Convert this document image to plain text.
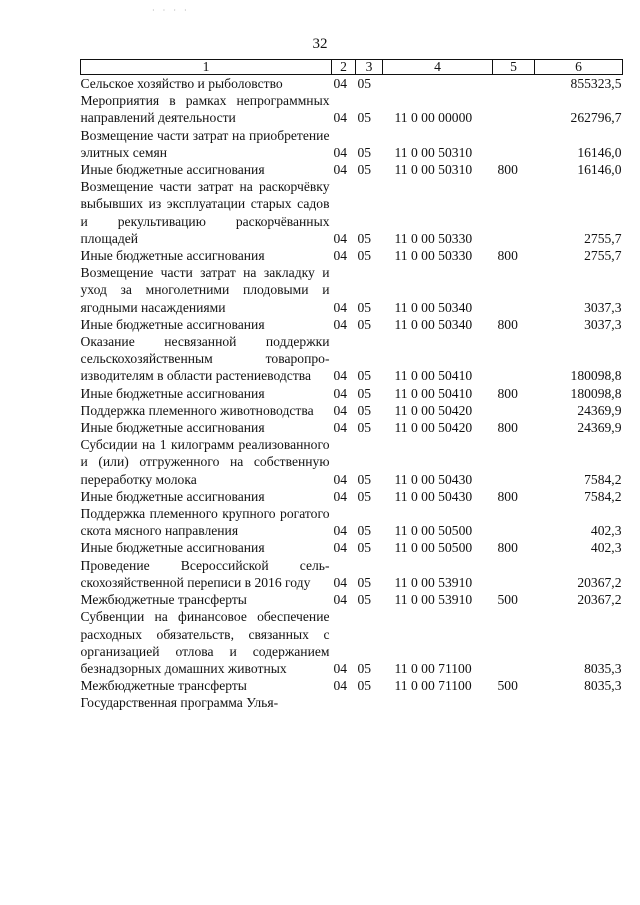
· · · ·
32
1	2	3	4	5	6
Сельское хозяйство и рыболовство	04	05			855323,5
Мероприятия в рамках непрограммных направлений деятельности	04	05	11 0 00 00000		262796,7
Возмещение части затрат на приобретение элитных семян	04	05	11 0 00 50310		16146,0
Иные бюджетные ассигнования	04	05	11 0 00 50310	800	16146,0
Возмещение части затрат на раскорчёвку выбывших из эксплуатации старых садов и рекультивацию раскорчёванных площадей	04	05	11 0 00 50330		2755,7
Иные бюджетные ассигнования	04	05	11 0 00 50330	800	2755,7
Возмещение части затрат на закладку и уход за многолетними плодовыми и ягодными насаждениями	04	05	11 0 00 50340		3037,3
Иные бюджетные ассигнования	04	05	11 0 00 50340	800	3037,3
Оказание несвязанной поддержки сельскохозяйственным товаропроизводителям в области растениеводства	04	05	11 0 00 50410		180098,8
Иные бюджетные ассигнования	04	05	11 0 00 50410	800	180098,8
Поддержка племенного животноводства	04	05	11 0 00 50420		24369,9
Иные бюджетные ассигнования	04	05	11 0 00 50420	800	24369,9
Субсидии на 1 килограмм реализованного и (или) отгруженного на собственную переработку молока	04	05	11 0 00 50430		7584,2
Иные бюджетные ассигнования	04	05	11 0 00 50430	800	7584,2
Поддержка племенного крупного рогатого скота мясного направления	04	05	11 0 00 50500		402,3
Иные бюджетные ассигнования	04	05	11 0 00 50500	800	402,3
Проведение Всероссийской сельскохозяйственной переписи в 2016 году	04	05	11 0 00 53910		20367,2
Межбюджетные трансферты	04	05	11 0 00 53910	500	20367,2
Субвенции на финансовое обеспечение расходных обязательств, связанных с организацией отлова и содержанием безнадзорных домашних животных	04	05	11 0 00 71100		8035,3
Межбюджетные трансферты	04	05	11 0 00 71100	500	8035,3
Государственная программа Улья-					
